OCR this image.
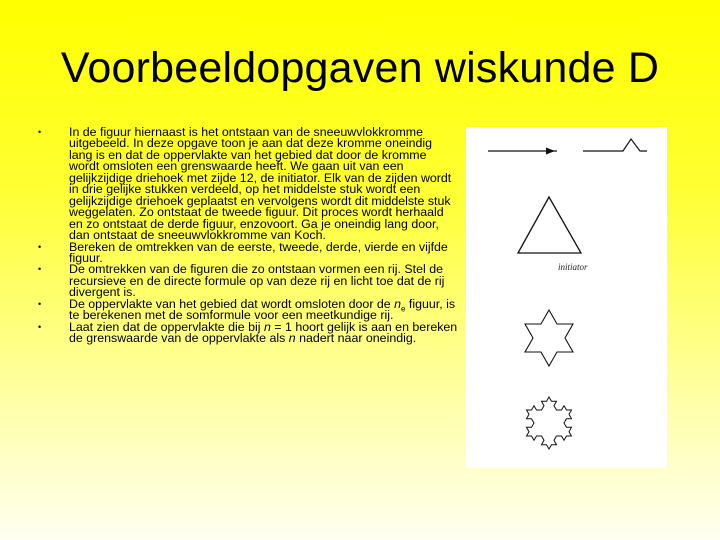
Voorbeeldopgaven wiskunde D
• In de figuur hiernaast is het ontstaan van de sneeuwvlokkromme uitgebeeld. In deze opgave toon je aan dat deze kromme oneindig lang is en dat de oppervlakte van het gebied dat door de kromme wordt omsloten een grenswaarde heeft. We gaan uit van een gelijkzijdige driehoek met zijde 12, de initiator. Elk van de zijden wordt in drie gelijke stukken verdeeld, op het middelste stuk wordt een gelijkzijdige driehoek geplaatst en vervolgens wordt dit middelste stuk weggelaten. Zo ontstaat de tweede figuur. Dit proces wordt herhaald en zo ontstaat de derde figuur, enzovoort. Ga je oneindig lang door, dan ontstaat de sneeuwvlokkromme van Koch.
• Bereken de omtrekken van de eerste, tweede, derde, vierde en vijfde figuur.
• De omtrekken van de figuren die zo ontstaan vormen een rij. Stel de recursieve en de directe formule op van deze rij en licht toe dat de rij divergent is.
• De oppervlakte van het gebied dat wordt omsloten door de $n_e$ figuur, is te berekenen met de somformule voor een meetkundige rij.
• Laat zien dat de oppervlakte die bij n = 1 hoort gelijk is aan en bereken de grenswaarde van de oppervlakte als n nadert naar oneindig.
initiator
